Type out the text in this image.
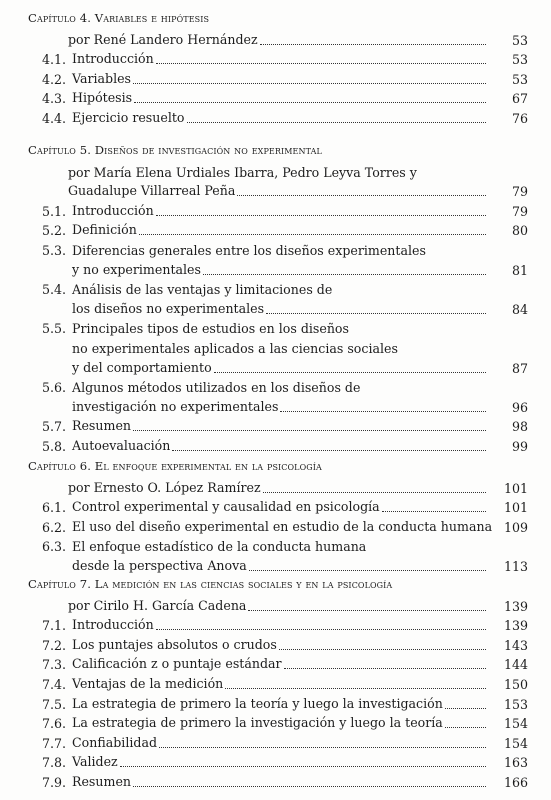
Capítulo 4. Variables e hipótesis
por René Landero Hernández	53
4.1. Introducción	53
4.2. Variables	53
4.3. Hipótesis	67
4.4. Ejercicio resuelto	76
Capítulo 5. Diseños de investigación no experimental
por María Elena Urdiales Ibarra, Pedro Leyva Torres y
Guadalupe Villarreal Peña	79
5.1. Introducción	79
5.2. Definición	80
5.3. Diferencias generales entre los diseños experimentales
y no experimentales	81
5.4. Análisis de las ventajas y limitaciones de
los diseños no experimentales	84
5.5. Principales tipos de estudios en los diseños
no experimentales aplicados a las ciencias sociales
y del comportamiento	87
5.6. Algunos métodos utilizados en los diseños de
investigación no experimentales	96
5.7. Resumen	98
5.8. Autoevaluación	99
Capítulo 6. El enfoque experimental en la psicología
por Ernesto O. López Ramírez	101
6.1. Control experimental y causalidad en psicología	101
6.2. El uso del diseño experimental en estudio de la conducta humana 109
6.3. El enfoque estadístico de la conducta humana
desde la perspectiva Anova	113
Capítulo 7. La medición en las ciencias sociales y en la psicología
por Cirilo H. García Cadena	139
7.1. Introducción	139
7.2. Los puntajes absolutos o crudos	143
7.3. Calificación z o puntaje estándar	144
7.4. Ventajas de la medición	150
7.5. La estrategia de primero la teoría y luego la investigación	153
7.6. La estrategia de primero la investigación y luego la teoría	154
7.7. Confiabilidad	154
7.8. Validez	163
7.9. Resumen	166
